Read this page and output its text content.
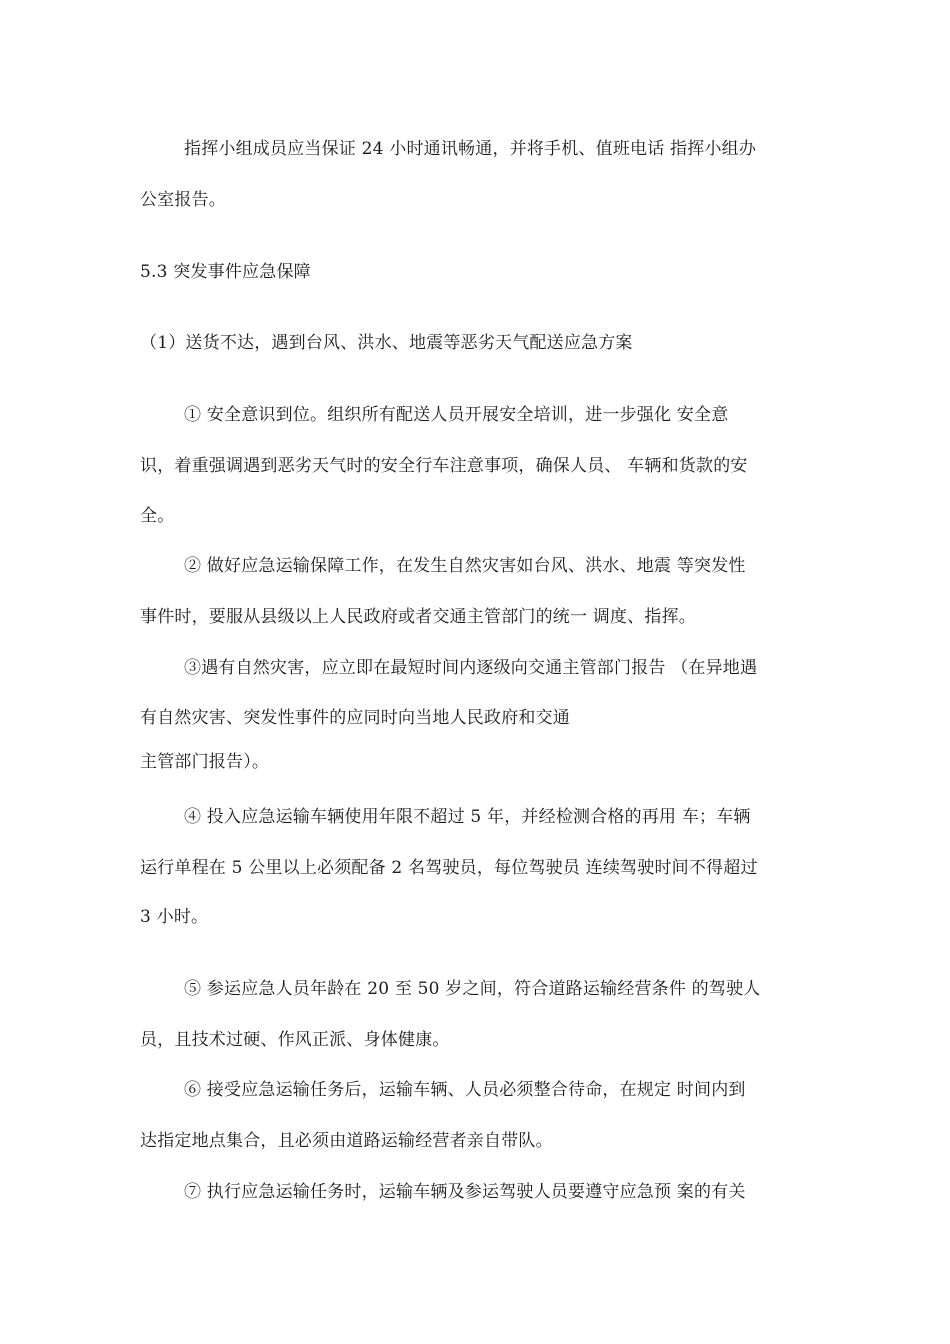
指挥小组成员应当保证 24 小时通讯畅通，并将手机、值班电话 指挥小组办
公室报告。
5.3 突发事件应急保障
（1）送货不达，遇到台风、洪水、地震等恶劣天气配送应急方案
① 安全意识到位。组织所有配送人员开展安全培训，进一步强化 安全意
识，着重强调遇到恶劣天气时的安全行车注意事项，确保人员、 车辆和货款的安
全。
② 做好应急运输保障工作，在发生自然灾害如台风、洪水、地震 等突发性
事件时，要服从县级以上人民政府或者交通主管部门的统一 调度、指挥。
③遇有自然灾害，应立即在最短时间内逐级向交通主管部门报告 （在异地遇
有自然灾害、突发性事件的应同时向当地人民政府和交通
主管部门报告）。
④ 投入应急运输车辆使用年限不超过 5 年，并经检测合格的再用 车；车辆
运行单程在 5 公里以上必须配备 2 名驾驶员，每位驾驶员 连续驾驶时间不得超过
3 小时。
⑤ 参运应急人员年龄在 20 至 50 岁之间，符合道路运输经营条件 的驾驶人
员，且技术过硬、作风正派、身体健康。
⑥ 接受应急运输任务后，运输车辆、人员必须整合待命，在规定 时间内到
达指定地点集合，且必须由道路运输经营者亲自带队。
⑦ 执行应急运输任务时，运输车辆及参运驾驶人员要遵守应急预 案的有关
